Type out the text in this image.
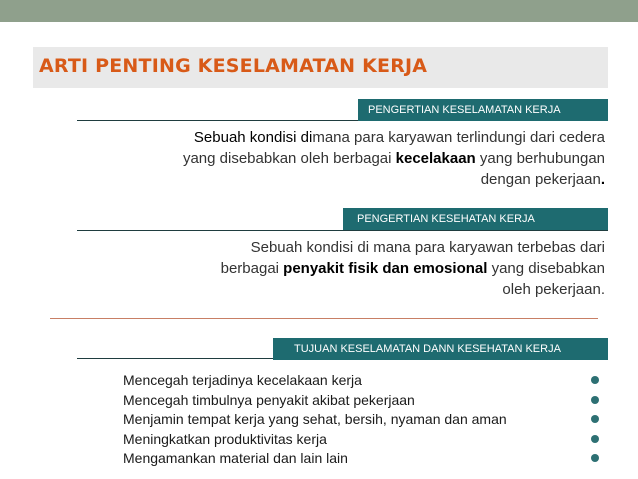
ARTI PENTING KESELAMATAN KERJA
PENGERTIAN KESELAMATAN KERJA
Sebuah kondisi dimana para karyawan terlindungi dari cedera
yang disebabkan oleh berbagai kecelakaan yang berhubungan
dengan pekerjaan.
PENGERTIAN KESEHATAN KERJA
Sebuah kondisi di mana para karyawan terbebas dari
berbagai penyakit fisik dan emosional yang disebabkan
oleh pekerjaan.
TUJUAN KESELAMATAN DANN KESEHATAN KERJA
Mencegah terjadinya kecelakaan kerja
Mencegah timbulnya penyakit akibat pekerjaan
Menjamin tempat kerja yang sehat, bersih, nyaman dan aman
Meningkatkan produktivitas kerja
Mengamankan material dan lain lain
